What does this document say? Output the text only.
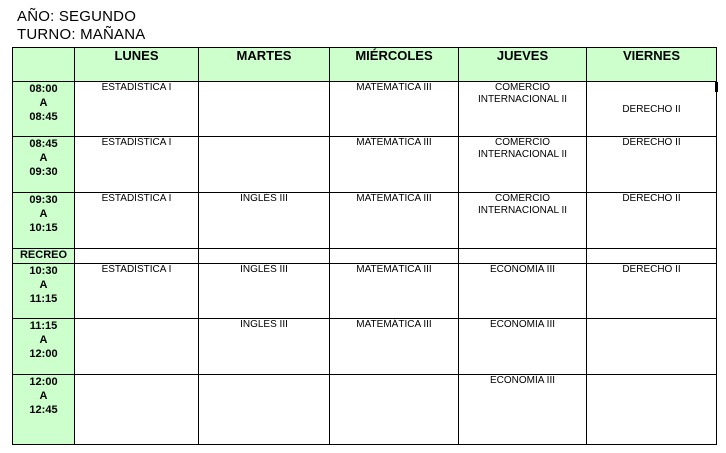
AÑO: SEGUNDO
TURNO: MAÑANA
	LUNES	MARTES	MIÉRCOLES	JUEVES	VIERNES

08:00
A
08:45	ESTADÍSTICA I		MATEMÁTICA III	COMERCIO
INTERNACIONAL II	DERECHO II

08:45
A
09:30	ESTADÍSTICA I		MATEMÁTICA III	COMERCIO
INTERNACIONAL II	DERECHO II

09:30
A
10:15	ESTADÍSTICA I	INGLÉS III	MATEMÁTICA III	COMERCIO
INTERNACIONAL II	DERECHO II

RECREO					

10:30
A
11:15	ESTADÍSTICA I	INGLÉS III	MATEMÁTICA III	ECONOMÍA III	DERECHO II

11:15
A
12:00		INGLES III	MATEMÁTICA III	ECONOMIA III	

12:00
A
12:45				ECONOMÍA III	
